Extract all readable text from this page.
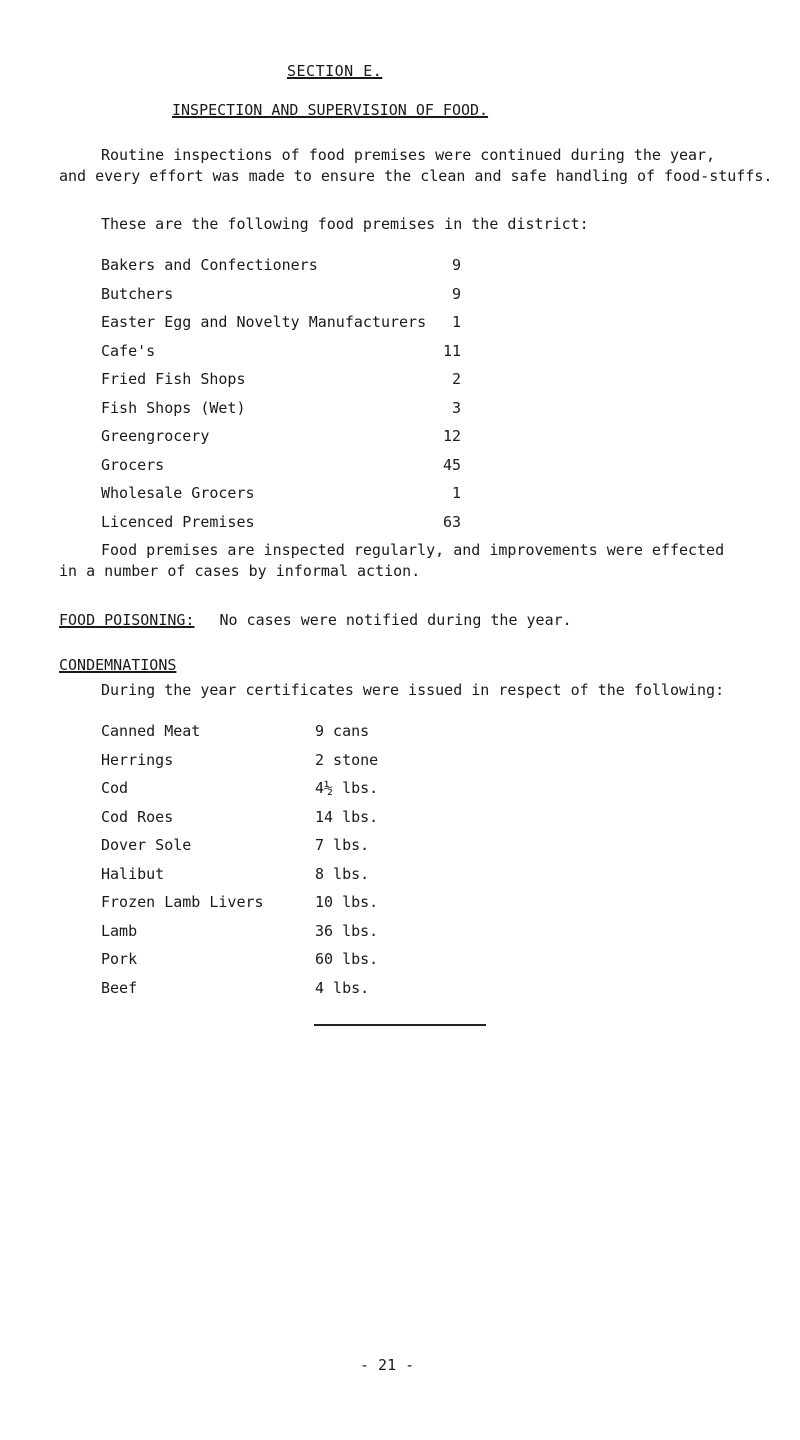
SECTION E.
INSPECTION AND SUPERVISION OF FOOD.
Routine inspections of food premises were continued during the year,
and every effort was made to ensure the clean and safe handling of food-stuffs.
These are the following food premises in the district:
Bakers and Confectioners	9
Butchers	9
Easter Egg and Novelty Manufacturers 1
Cafe's	11
Fried Fish Shops	2
Fish Shops (Wet)	3
Greengrocery	12
Grocers	45
Wholesale Grocers	1
Licenced Premises	63
Food premises are inspected regularly, and improvements were effected
in a number of cases by informal action.
FOOD POISONING: No cases were notified during the year.
CONDEMNATIONS
During the year certificates were issued in respect of the following:
Canned Meat	9 cans
Herrings	2 stone
Cod	4½ lbs.
Cod Roes	14 lbs.
Dover Sole	7 lbs.
Halibut	8 lbs.
Frozen Lamb Livers	10 lbs.
Lamb	36 lbs.
Pork	60 lbs.
Beef	4 lbs.
- 21 -
